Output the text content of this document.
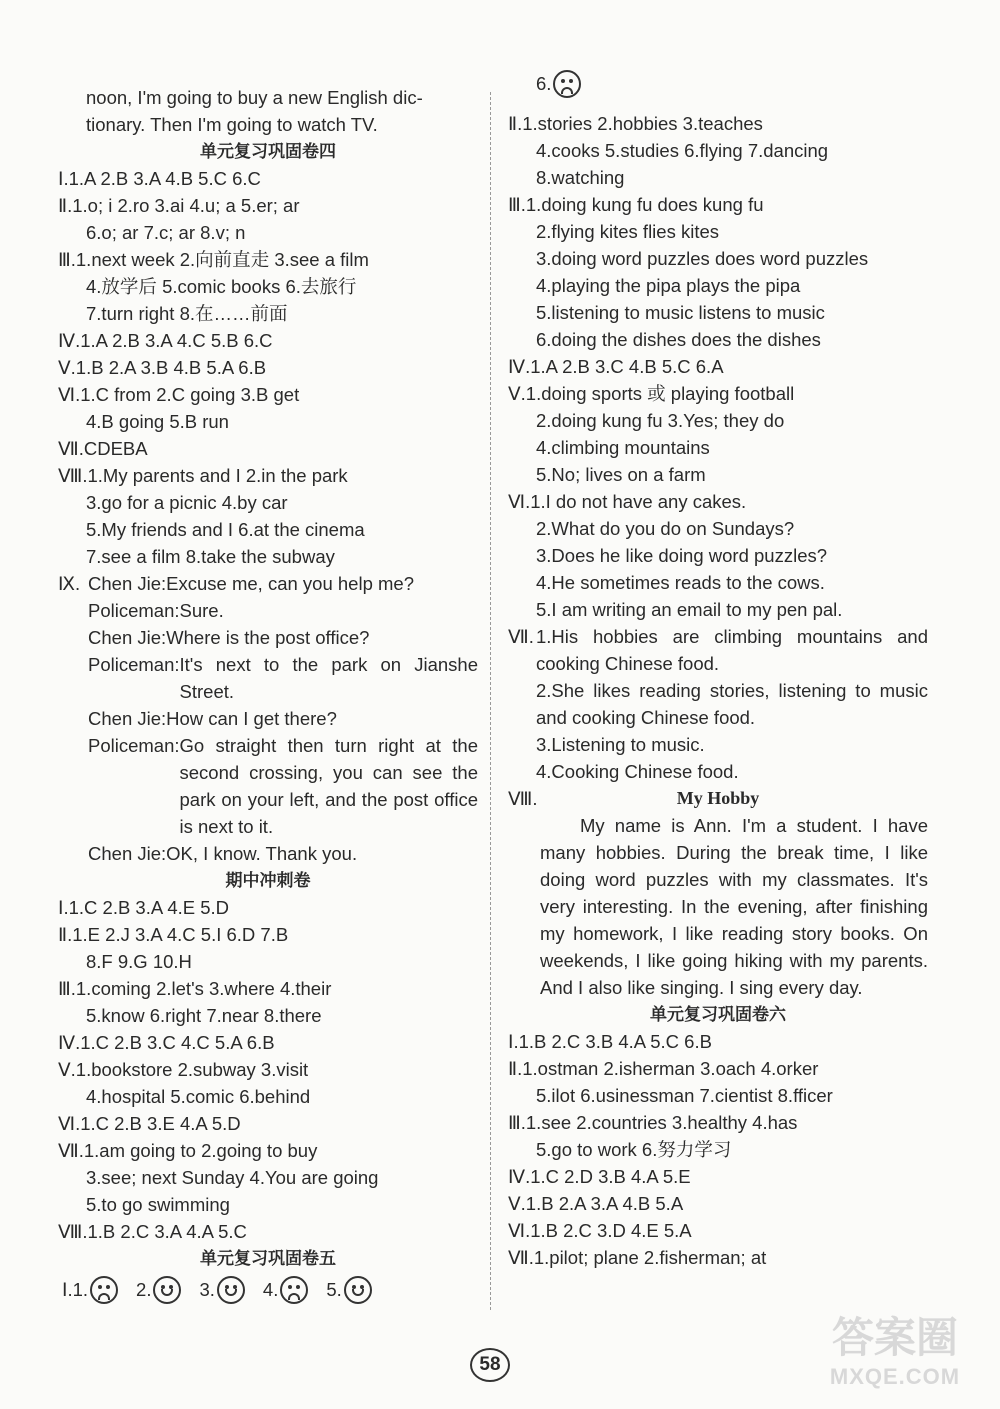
noon, I'm going to buy a new English dic-
tionary. Then I'm going to watch TV.
单元复习巩固卷四
Ⅰ.1.A 2.B 3.A 4.B 5.C 6.C
Ⅱ.1.o; i 2.ro 3.ai 4.u; a 5.er; ar
6.o; ar 7.c; ar 8.v; n
Ⅲ.1.next week 2.向前直走 3.see a film
4.放学后 5.comic books 6.去旅行
7.turn right 8.在……前面
Ⅳ.1.A 2.B 3.A 4.C 5.B 6.C
Ⅴ.1.B 2.A 3.B 4.B 5.A 6.B
Ⅵ.1.C from 2.C going 3.B get
4.B going 5.B run
Ⅶ.CDEBA
Ⅷ.1.My parents and I 2.in the park
3.go for a picnic 4.by car
5.My friends and I 6.at the cinema
7.see a film 8.take the subway
Ⅸ. Chen Jie: Excuse me, can you help me?
Policeman: Sure.
Chen Jie: Where is the post office?
Policeman: It's next to the park on Jianshe Street.
Chen Jie: How can I get there?
Policeman: Go straight then turn right at the second crossing, you can see the park on your left, and the post office is next to it.
Chen Jie: OK, I know. Thank you.
期中冲刺卷
Ⅰ.1.C 2.B 3.A 4.E 5.D
Ⅱ.1.E 2.J 3.A 4.C 5.I 6.D 7.B
8.F 9.G 10.H
Ⅲ.1.coming 2.let's 3.where 4.their
5.know 6.right 7.near 8.there
Ⅳ.1.C 2.B 3.C 4.C 5.A 6.B
Ⅴ.1.bookstore 2.subway 3.visit
4.hospital 5.comic 6.behind
Ⅵ.1.C 2.B 3.E 4.A 5.D
Ⅶ.1.am going to 2.going to buy
3.see; next Sunday 4.You are going
5.to go swimming
Ⅷ.1.B 2.C 3.A 4.A 5.C
单元复习巩固卷五
Ⅰ.1.	2.	3.	4.	5.
6.
Ⅱ.1.stories 2.hobbies 3.teaches
4.cooks 5.studies 6.flying 7.dancing
8.watching
Ⅲ.1.doing kung fu does kung fu
2.flying kites flies kites
3.doing word puzzles does word puzzles
4.playing the pipa plays the pipa
5.listening to music listens to music
6.doing the dishes does the dishes
Ⅳ.1.A 2.B 3.C 4.B 5.C 6.A
Ⅴ.1.doing sports 或 playing football
2.doing kung fu 3.Yes; they do
4.climbing mountains
5.No; lives on a farm
Ⅵ.1.I do not have any cakes.
2.What do you do on Sundays?
3.Does he like doing word puzzles?
4.He sometimes reads to the cows.
5.I am writing an email to my pen pal.
Ⅶ. 1.His hobbies are climbing mountains and cooking Chinese food.
2.She likes reading stories, listening to music and cooking Chinese food.
3.Listening to music.
4.Cooking Chinese food.
Ⅷ.	My Hobby
My name is Ann. I'm a student. I have many hobbies. During the break time, I like doing word puzzles with my classmates. It's very interesting. In the evening, after finishing my homework, I like reading story books. On weekends, I like going hiking with my parents. And I also like singing. I sing every day.
单元复习巩固卷六
Ⅰ.1.B 2.C 3.B 4.A 5.C 6.B
Ⅱ.1.ostman 2.isherman 3.oach 4.orker
5.ilot 6.usinessman 7.cientist 8.fficer
Ⅲ.1.see 2.countries 3.healthy 4.has
5.go to work 6.努力学习
Ⅳ.1.C 2.D 3.B 4.A 5.E
Ⅴ.1.B 2.A 3.A 4.B 5.A
Ⅵ.1.B 2.C 3.D 4.E 5.A
Ⅶ.1.pilot; plane 2.fisherman; at
58
答案圈
MXQE.COM
